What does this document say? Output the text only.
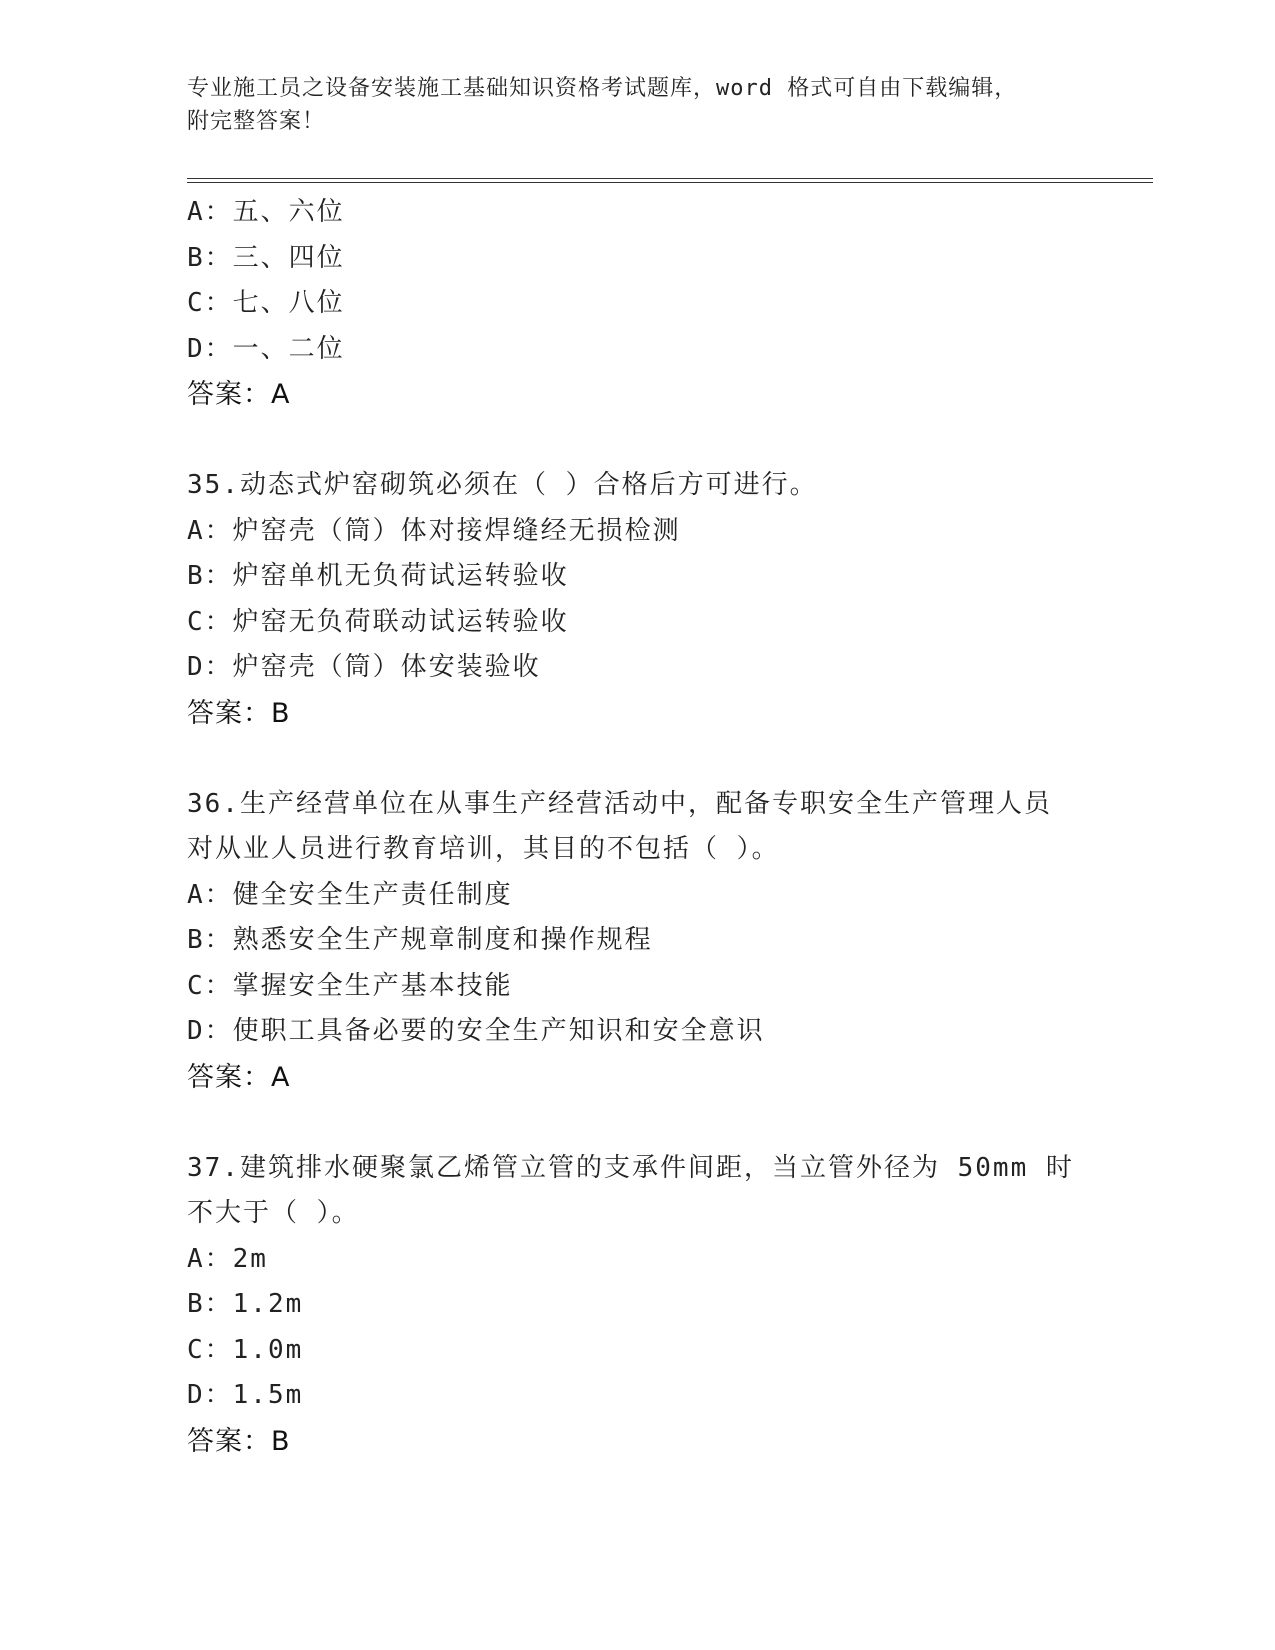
专业施工员之设备安装施工基础知识资格考试题库，word 格式可自由下载编辑，
附完整答案！

A：五、六位

B：三、四位

C：七、八位

D：一、二位

答案：A

35.动态式炉窑砌筑必须在（ ）合格后方可进行。

A：炉窑壳（筒）体对接焊缝经无损检测

B：炉窑单机无负荷试运转验收

C：炉窑无负荷联动试运转验收

D：炉窑壳（筒）体安装验收

答案：B

36.生产经营单位在从事生产经营活动中，配备专职安全生产管理人员

对从业人员进行教育培训，其目的不包括（ ）。

A：健全安全生产责任制度

B：熟悉安全生产规章制度和操作规程

C：掌握安全生产基本技能

D：使职工具备必要的安全生产知识和安全意识

答案：A

37.建筑排水硬聚氯乙烯管立管的支承件间距，当立管外径为 50mm 时

不大于（ ）。

A：2m

B：1.2m

C：1.0m

D：1.5m

答案：B
